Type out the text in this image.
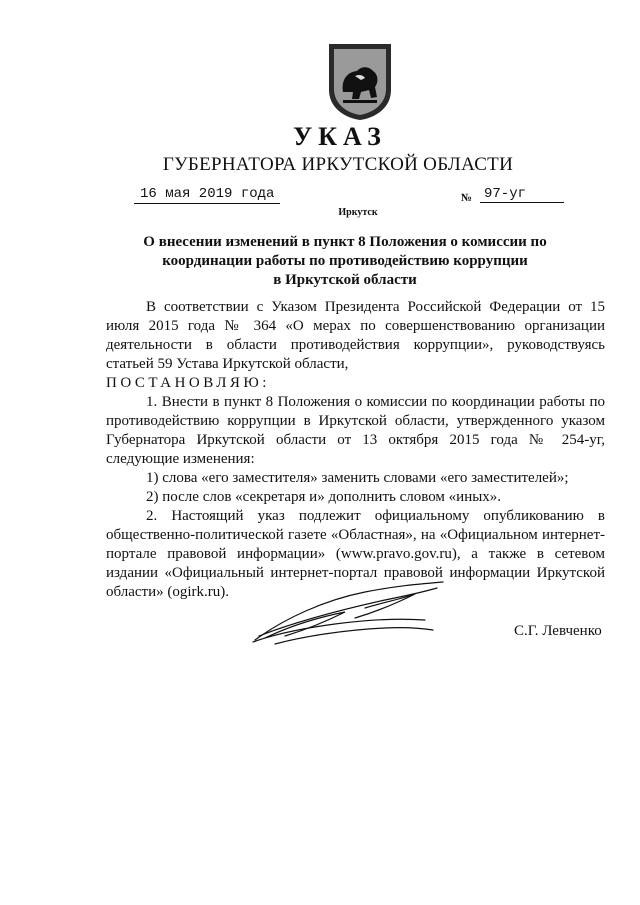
УКАЗ
ГУБЕРНАТОРА ИРКУТСКОЙ ОБЛАСТИ
16 мая 2019 года	№ 97-уг
Иркутск
О внесении изменений в пункт 8 Положения о комиссии по
координации работы по противодействию коррупции
в Иркутской области

В соответствии с Указом Президента Российской Федерации от 15 июля 2015 года № 364 «О мерах по совершенствованию организации деятельности в области противодействия коррупции», руководствуясь статьей 59 Устава Иркутской области,

ПОСТАНОВЛЯЮ:

1. Внести в пункт 8 Положения о комиссии по координации работы по противодействию коррупции в Иркутской области, утвержденного указом Губернатора Иркутской области от 13 октября 2015 года № 254-уг, следующие изменения:

1) слова «его заместителя» заменить словами «его заместителей»;

2) после слов «секретаря и» дополнить словом «иных».

2. Настоящий указ подлежит официальному опубликованию в общественно-политической газете «Областная», на «Официальном интернет-портале правовой информации» (www.pravo.gov.ru), а также в сетевом издании «Официальный интернет-портал правовой информации Иркутской области» (ogirk.ru).

С.Г. Левченко
